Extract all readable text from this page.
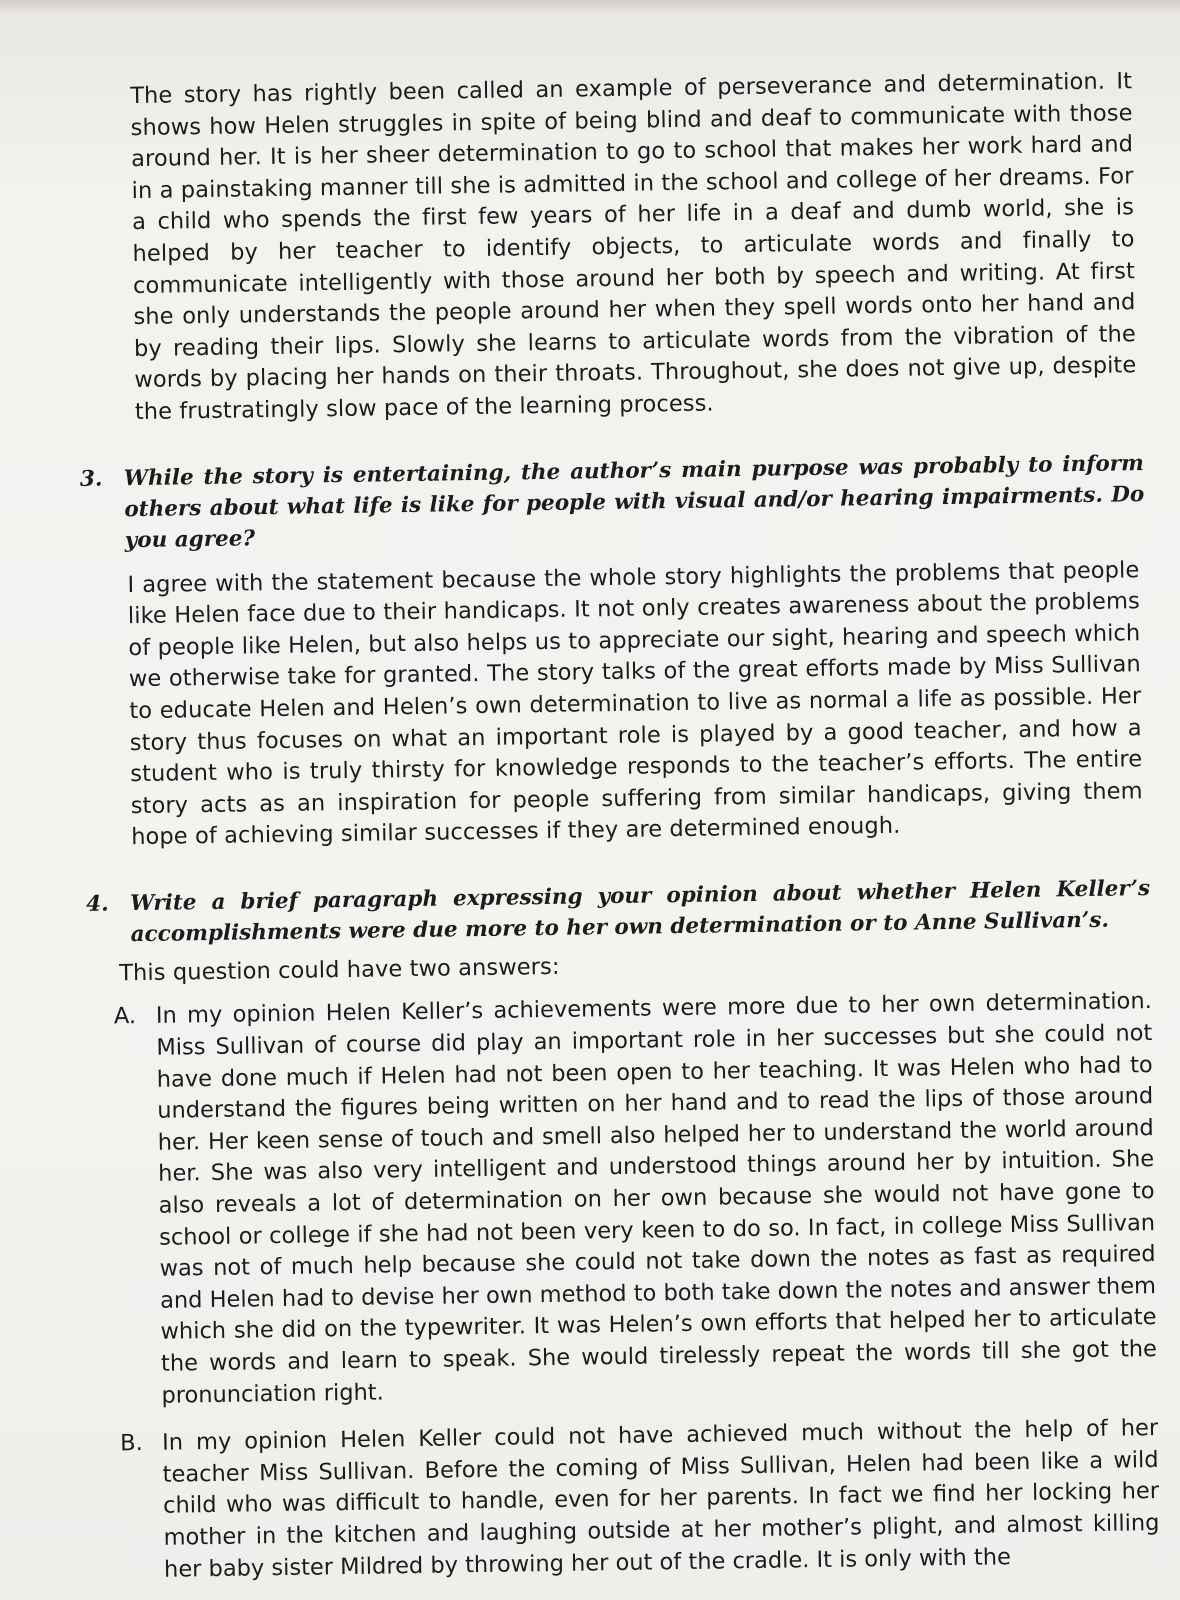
The story has rightly been called an example of perseverance and determination. It shows how Helen struggles in spite of being blind and deaf to communicate with those around her. It is her sheer determination to go to school that makes her work hard and in a painstaking manner till she is admitted in the school and college of her dreams. For a child who spends the first few years of her life in a deaf and dumb world, she is helped by her teacher to identify objects, to articulate words and finally to communicate intelligently with those around her both by speech and writing. At first she only understands the people around her when they spell words onto her hand and by reading their lips. Slowly she learns to articulate words from the vibration of the words by placing her hands on their throats. Throughout, she does not give up, despite the frustratingly slow pace of the learning process.

3. While the story is entertaining, the author’s main purpose was probably to inform others about what life is like for people with visual and/or hearing impairments. Do you agree?

I agree with the statement because the whole story highlights the problems that people like Helen face due to their handicaps. It not only creates awareness about the problems of people like Helen, but also helps us to appreciate our sight, hearing and speech which we otherwise take for granted. The story talks of the great efforts made by Miss Sullivan to educate Helen and Helen’s own determination to live as normal a life as possible. Her story thus focuses on what an important role is played by a good teacher, and how a student who is truly thirsty for knowledge responds to the teacher’s efforts. The entire story acts as an inspiration for people suffering from similar handicaps, giving them hope of achieving similar successes if they are determined enough.

4. Write a brief paragraph expressing your opinion about whether Helen Keller’s accomplishments were due more to her own determination or to Anne Sullivan’s.

This question could have two answers:

A. In my opinion Helen Keller’s achievements were more due to her own determination. Miss Sullivan of course did play an important role in her successes but she could not have done much if Helen had not been open to her teaching. It was Helen who had to understand the figures being written on her hand and to read the lips of those around her. Her keen sense of touch and smell also helped her to understand the world around her. She was also very intelligent and understood things around her by intuition. She also reveals a lot of determination on her own because she would not have gone to school or college if she had not been very keen to do so. In fact, in college Miss Sullivan was not of much help because she could not take down the notes as fast as required and Helen had to devise her own method to both take down the notes and answer them which she did on the typewriter. It was Helen’s own efforts that helped her to articulate the words and learn to speak. She would tirelessly repeat the words till she got the pronunciation right.
B. In my opinion Helen Keller could not have achieved much without the help of her teacher Miss Sullivan. Before the coming of Miss Sullivan, Helen had been like a wild child who was difficult to handle, even for her parents. In fact we find her locking her mother in the kitchen and laughing outside at her mother’s plight, and almost killing her baby sister Mildred by throwing her out of the cradle. It is only with the
